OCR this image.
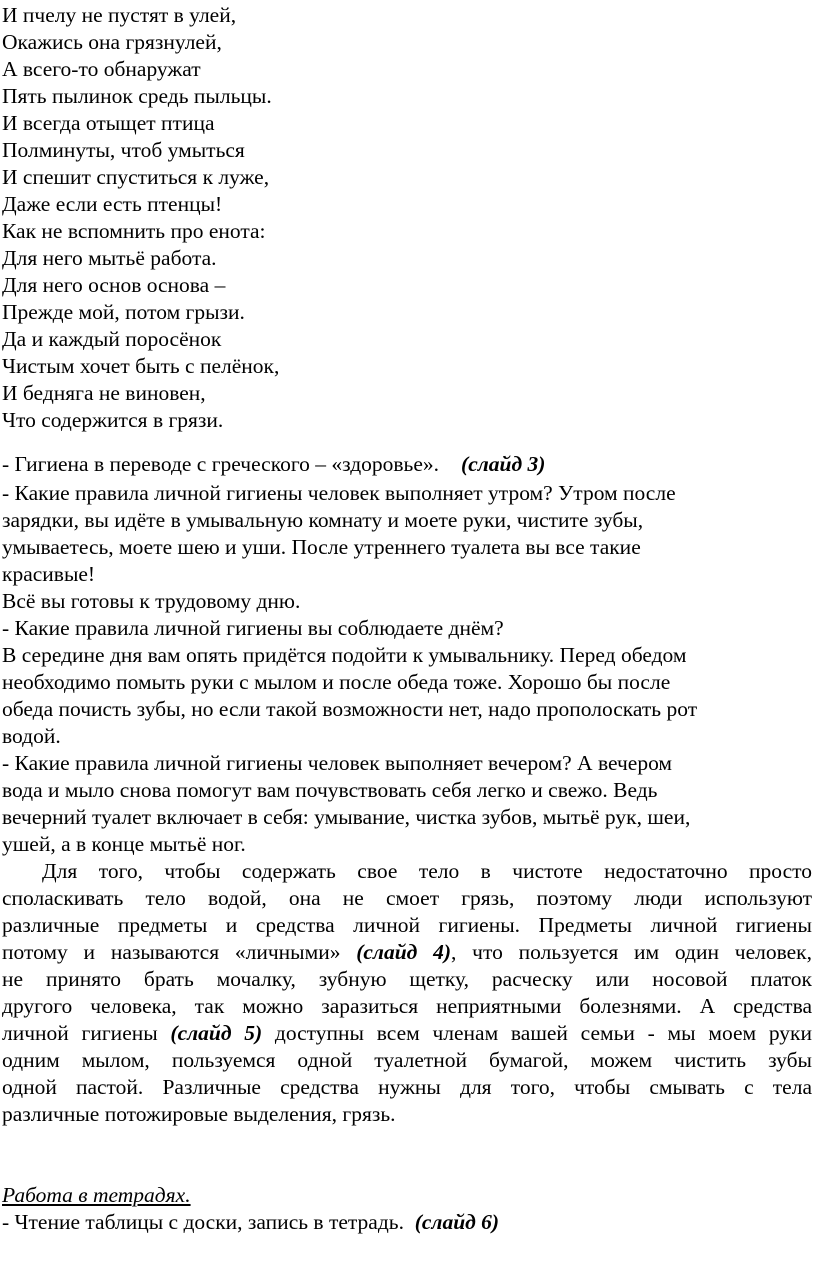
И пчелу не пустят в улей,
Окажись она грязнулей,
А всего-то обнаружат
Пять пылинок средь пыльцы.
И всегда отыщет птица
Полминуты, чтоб умыться
И спешит спуститься к луже,
Даже если есть птенцы!
Как не вспомнить про енота:
Для него мытьё работа.
Для него основ основа –
Прежде мой, потом грызи.
Да и каждый поросёнок
Чистым хочет быть с пелёнок,
И бедняга не виновен,
Что содержится в грязи.

- Гигиена в переводе с греческого – «здоровье». (слайд 3)

- Какие правила личной гигиены человек выполняет утром? Утром после
зарядки, вы идёте в умывальную комнату и моете руки, чистите зубы,
умываетесь, моете шею и уши. После утреннего туалета вы все такие
красивые!
Всё вы готовы к трудовому дню.
- Какие правила личной гигиены вы соблюдаете днём?
В середине дня вам опять придётся подойти к умывальнику. Перед обедом
необходимо помыть руки с мылом и после обеда тоже. Хорошо бы после
обеда почисть зубы, но если такой возможности нет, надо прополоскать рот
водой.
- Какие правила личной гигиены человек выполняет вечером? А вечером
вода и мыло снова помогут вам почувствовать себя легко и свежо. Ведь
вечерний туалет включает в себя: умывание, чистка зубов, мытьё рук, шеи,
ушей, а в конце мытьё ног.
Для того, чтобы содержать свое тело в чистоте недостаточно просто
споласкивать тело водой, она не смоет грязь, поэтому люди используют
различные предметы и средства личной гигиены. Предметы личной гигиены
потому и называются «личными» (слайд 4), что пользуется им один человек,
не принято брать мочалку, зубную щетку, расческу или носовой платок
другого человека, так можно заразиться неприятными болезнями. А средства
личной гигиены (слайд 5) доступны всем членам вашей семьи - мы моем руки
одним мылом, пользуемся одной туалетной бумагой, можем чистить зубы
одной пастой. Различные средства нужны для того, чтобы смывать с тела
различные потожировые выделения, грязь.

Работа в тетрадях.

- Чтение таблицы с доски, запись в тетрадь.  (слайд 6)
